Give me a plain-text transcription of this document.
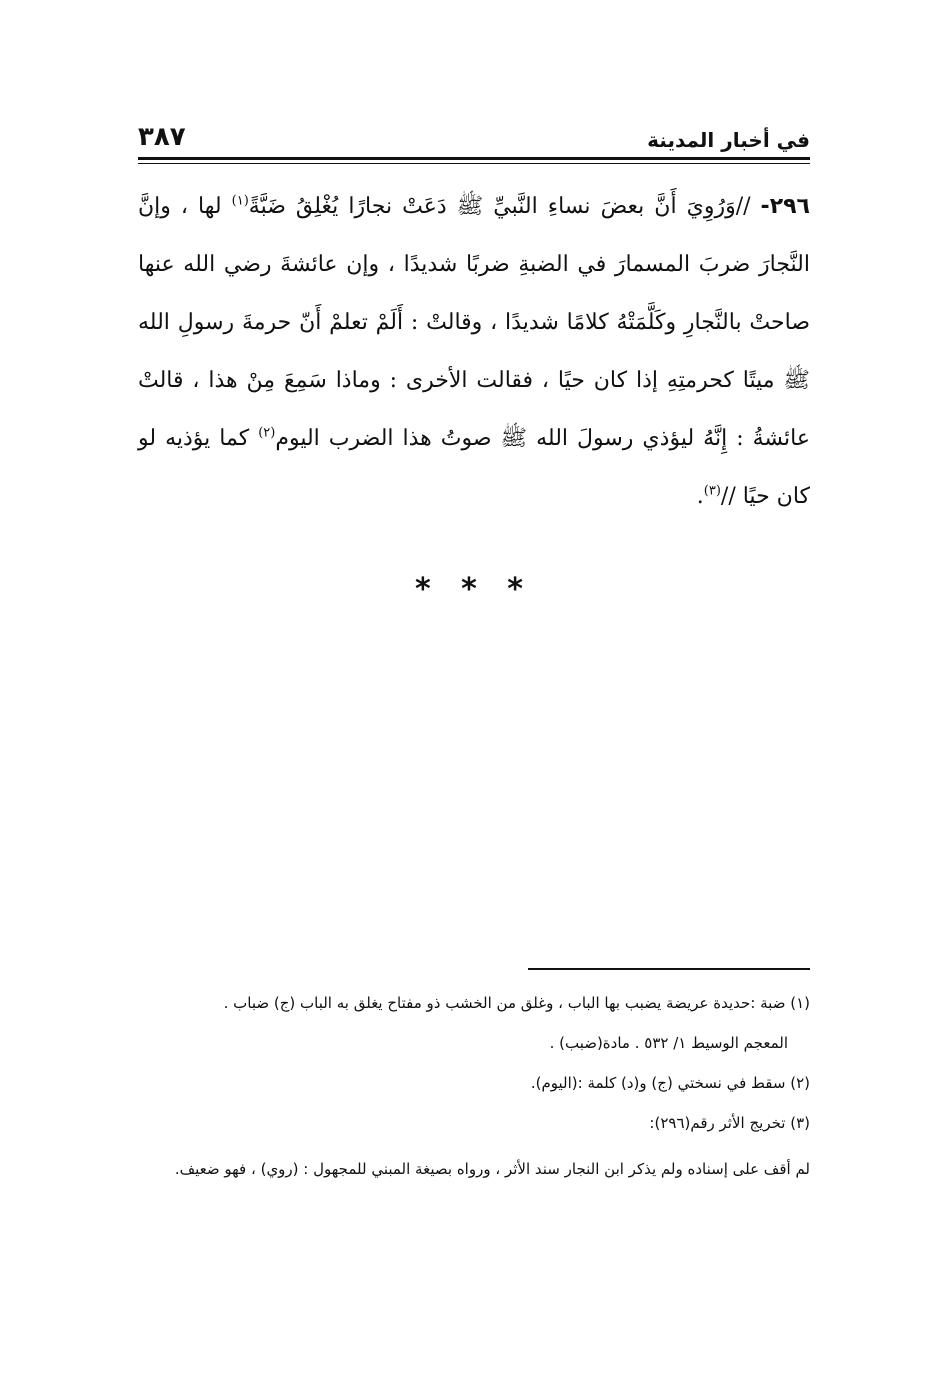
في أخبار المدينة
٣٨٧
٢٩٦- //وَرُوِيَ أَنَّ بعضَ نساءِ النَّبيِّ ﷺ دَعَتْ نجارًا يُغْلِقُ ضَبَّةً$^{(١)}$ لها ، وإنَّ النَّجارَ ضربَ المسمارَ في الضبةِ ضربًا شديدًا ، وإن عائشةَ رضي الله عنها صاحتْ بالنَّجارِ وكَلَّمَتْهُ كلامًا شديدًا ، وقالتْ : أَلَمْ تعلمْ أَنّ حرمةَ رسولِ الله ﷺ ميتًا كحرمتِهِ إذا كان حيًا ، فقالت الأخرى : وماذا سَمِعَ مِنْ هذا ، قالتْ عائشةُ : إِنَّهُ ليؤذي رسولَ الله ﷺ صوتُ هذا الضرب اليوم$^{(٢)}$ كما يؤذيه لو كان حيًا //$^{(٣)}$.
* * *

(١) ضبة :حديدة عريضة يضبب بها الباب ، وغلق من الخشب ذو مفتاح يغلق به الباب (ج) ضباب .

المعجم الوسيط ١/ ٥٣٢ . مادة(ضبب) .

(٢) سقط في نسختي (ج) و(د) كلمة :(اليوم).

(٣) تخريج الأثر رقم(٢٩٦):

لم أقف على إسناده ولم يذكر ابن النجار سند الأثر ، ورواه بصيغة المبني للمجهول : (روي) ، فهو ضعيف.
